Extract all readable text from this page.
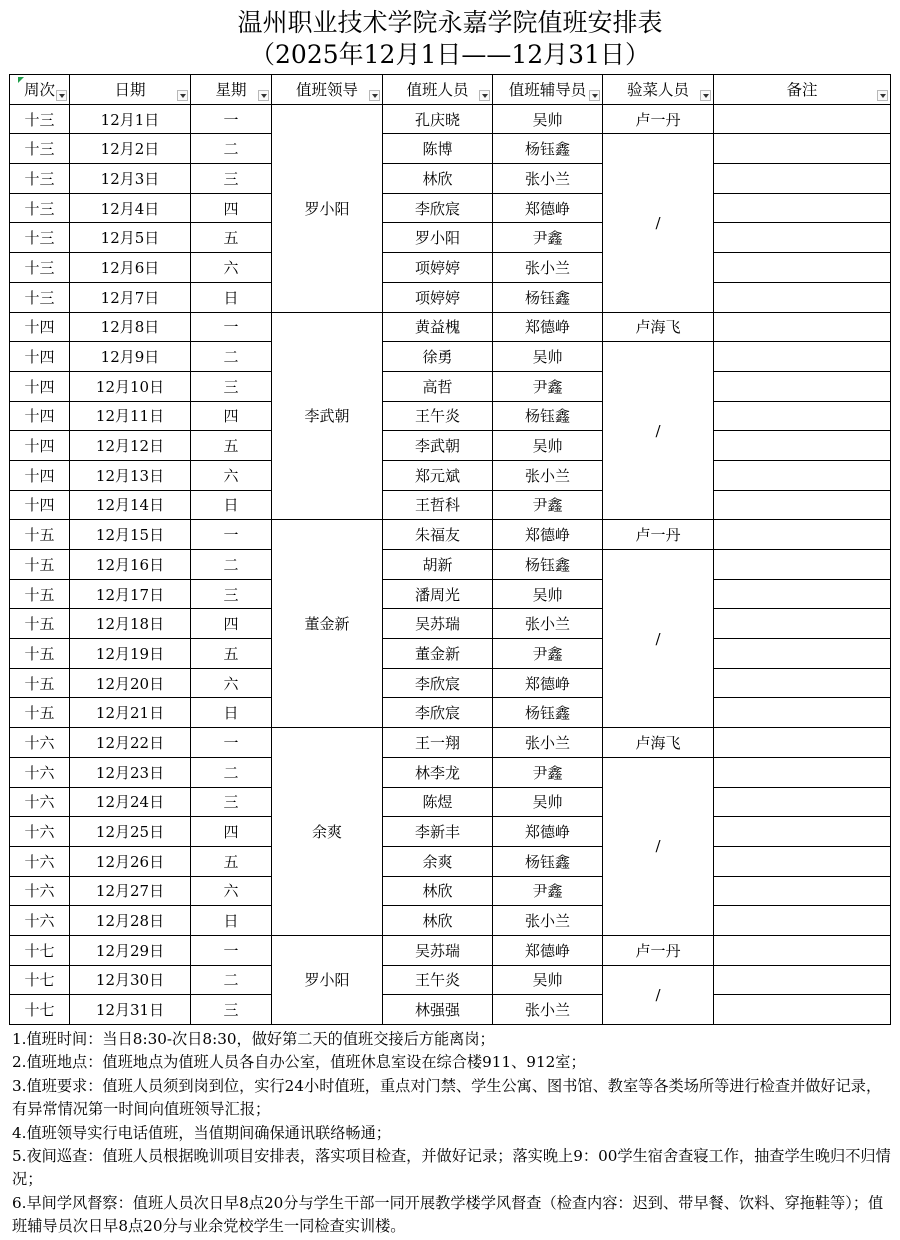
温州职业技术学院永嘉学院值班安排表
（2025年12月1日——12月31日）
周次	日期	星期	值班领导	值班人员	值班辅导员	验菜人员	备注

十三	12月1日	一	罗小阳	孔庆晓	吴帅	卢一丹	
十三	12月2日	二		陈博	杨钰鑫	/	
十三	12月3日	三		林欣	张小兰		
十三	12月4日	四		李欣宸	郑德峥		
十三	12月5日	五		罗小阳	尹鑫		
十三	12月6日	六		项婷婷	张小兰		
十三	12月7日	日		项婷婷	杨钰鑫		
十四	12月8日	一	李武朝	黄益槐	郑德峥	卢海飞	
十四	12月9日	二		徐勇	吴帅	/	
十四	12月10日	三		高哲	尹鑫		
十四	12月11日	四		王午炎	杨钰鑫		
十四	12月12日	五		李武朝	吴帅		
十四	12月13日	六		郑元斌	张小兰		
十四	12月14日	日		王哲科	尹鑫		
十五	12月15日	一	董金新	朱福友	郑德峥	卢一丹	
十五	12月16日	二		胡新	杨钰鑫	/	
十五	12月17日	三		潘周光	吴帅		
十五	12月18日	四		吴苏瑞	张小兰		
十五	12月19日	五		董金新	尹鑫		
十五	12月20日	六		李欣宸	郑德峥		
十五	12月21日	日		李欣宸	杨钰鑫		
十六	12月22日	一	余爽	王一翔	张小兰	卢海飞	
十六	12月23日	二		林李龙	尹鑫	/	
十六	12月24日	三		陈煜	吴帅		
十六	12月25日	四		李新丰	郑德峥		
十六	12月26日	五		余爽	杨钰鑫		
十六	12月27日	六		林欣	尹鑫		
十六	12月28日	日		林欣	张小兰		
十七	12月29日	一	罗小阳	吴苏瑞	郑德峥	卢一丹	
十七	12月30日	二		王午炎	吴帅	/	
十七	12月31日	三		林强强	张小兰		

1.值班时间：当日8:30-次日8:30，做好第二天的值班交接后方能离岗；

2.值班地点：值班地点为值班人员各自办公室，值班休息室设在综合楼911、912室；

3.值班要求：值班人员须到岗到位，实行24小时值班，重点对门禁、学生公寓、图书馆、教室等各类场所等进行检查并做好记录，有异常情况第一时间向值班领导汇报；

4.值班领导实行电话值班，当值期间确保通讯联络畅通；

5.夜间巡查：值班人员根据晚训项目安排表，落实项目检查，并做好记录；落实晚上9：00学生宿舍查寝工作，抽查学生晚归不归情况；

6.早间学风督察：值班人员次日早8点20分与学生干部一同开展教学楼学风督查（检查内容：迟到、带早餐、饮料、穿拖鞋等）；值班辅导员次日早8点20分与业余党校学生一同检查实训楼。
